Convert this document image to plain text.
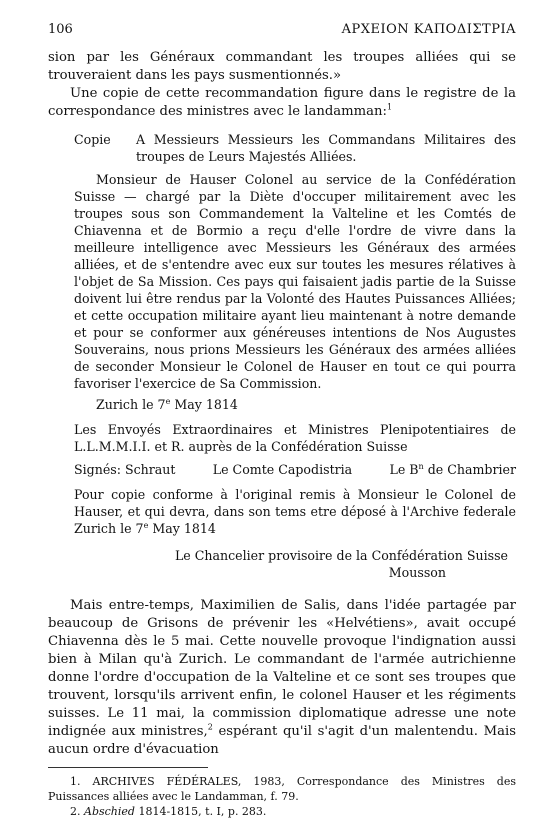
106	ΑΡΧΕΙΟΝ ΚΑΠΟΔΙΣΤΡΙΑ

sion par les Généraux commandant les troupes alliées qui se trouveraient dans les pays susmentionnés.»

Une copie de cette recommandation figure dans le registre de la correspondance des ministres avec le landamman:$^1$

Copie	A Messieurs Messieurs les Commandans Militaires des troupes de Leurs Majestés Alliées.

Monsieur de Hauser Colonel au service de la Confédération Suisse — chargé par la Diète d'occuper militairement avec les troupes sous son Commandement la Valteline et les Comtés de Chiavenna et de Bormio a reçu d'elle l'ordre de vivre dans la meilleure intelligence avec Messieurs les Généraux des armées alliées, et de s'entendre avec eux sur toutes les mesures rélatives à l'objet de Sa Mission. Ces pays qui faisaient jadis partie de la Suisse doivent lui être rendus par la Volonté des Hautes Puissances Alliées; et cette occupation militaire ayant lieu maintenant à notre demande et pour se conformer aux généreuses intentions de Nos Augustes Souverains, nous prions Messieurs les Généraux des armées alliées de seconder Monsieur le Colonel de Hauser en tout ce qui pourra favoriser l'exercice de Sa Commission.

Zurich le 7e May 1814

Les Envoyés Extraordinaires et Ministres Plenipotentiaires de L.L.M.M.I.I. et R. auprès de la Confédération Suisse

Signés: Schraut	Le Comte Capodistria	Le $B^n$ de Chambrier

Pour copie conforme à l'original remis à Monsieur le Colonel de Hauser, et qui devra, dans son tems etre déposé à l'Archive federale Zurich le 7e May 1814

Le Chancelier provisoire de la Confédération Suisse
Mousson

Mais entre-temps, Maximilien de Salis, dans l'idée partagée par beaucoup de Grisons de prévenir les «Helvétiens», avait occupé Chiavenna dès le 5 mai. Cette nouvelle provoque l'indignation aussi bien à Milan qu'à Zurich. Le commandant de l'armée autrichienne donne l'ordre d'occupation de la Valteline et ce sont ses troupes que trouvent, lorsqu'ils arrivent enfin, le colonel Hauser et les régiments suisses. Le 11 mai, la commission diplomatique adresse une note indignée aux ministres,$^2$ espérant qu'il s'agit d'un malentendu. Mais aucun ordre d'évacuation

1. ARCHIVES FÉDÉRALES, 1983, Correspondance des Ministres des Puissances alliées avec le Landamman, f. 79.

2. Abschied 1814-1815, t. I, p. 283.
